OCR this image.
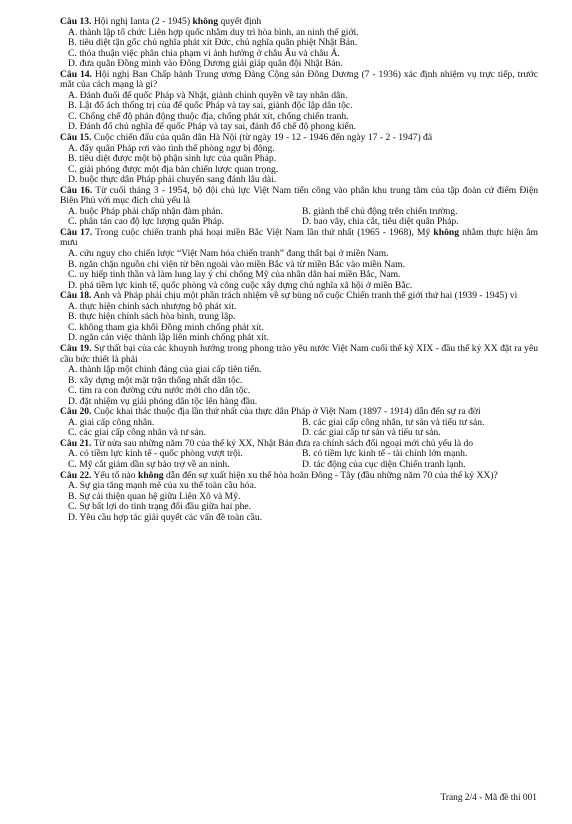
Câu 13. Hội nghị Ianta (2 - 1945) không quyết định
A. thành lập tổ chức Liên hợp quốc nhằm duy trì hòa bình, an ninh thế giới.
B. tiêu diệt tận gốc chủ nghĩa phát xít Đức, chủ nghĩa quân phiệt Nhật Bản.
C. thỏa thuận việc phân chia phạm vi ảnh hưởng ở châu Âu và châu Á.
D. đưa quân Đồng minh vào Đông Dương giải giáp quân đội Nhật Bản.
Câu 14. Hội nghị Ban Chấp hành Trung ương Đảng Cộng sản Đông Dương (7 - 1936) xác định nhiệm vụ trực tiếp, trước mắt của cách mạng là gì?
A. Đánh đuổi đế quốc Pháp và Nhật, giành chính quyền về tay nhân dân.
B. Lật đổ ách thống trị của đế quốc Pháp và tay sai, giành độc lập dân tộc.
C. Chống chế độ phản động thuộc địa, chống phát xít, chống chiến tranh.
D. Đánh đổ chủ nghĩa đế quốc Pháp và tay sai, đánh đổ chế độ phong kiến.
Câu 15. Cuộc chiến đấu của quân dân Hà Nội (từ ngày 19 - 12 - 1946 đến ngày 17 - 2 - 1947) đã
A. đẩy quân Pháp rơi vào tình thế phòng ngự bị động.
B. tiêu diệt được một bộ phận sinh lực của quân Pháp.
C. giải phóng được một địa bàn chiến lược quan trọng.
D. buộc thực dân Pháp phải chuyển sang đánh lâu dài.
Câu 16. Từ cuối tháng 3 - 1954, bộ đội chủ lực Việt Nam tiến công vào phân khu trung tâm của tập đoàn cứ điểm Điện Biên Phủ với mục đích chủ yếu là
A. buộc Pháp phải chấp nhận đàm phán.	B. giành thế chủ động trên chiến trường.
C. phân tán cao độ lực lượng quân Pháp.	D. bao vây, chia cắt, tiêu diệt quân Pháp.
Câu 17. Trong cuộc chiến tranh phá hoại miền Bắc Việt Nam lần thứ nhất (1965 - 1968), Mỹ không nhằm thực hiện âm mưu
A. cứu nguy cho chiến lược “Việt Nam hóa chiến tranh” đang thất bại ở miền Nam.
B. ngăn chặn nguồn chi viện từ bên ngoài vào miền Bắc và từ miền Bắc vào miền Nam.
C. uy hiếp tinh thần và làm lung lay ý chí chống Mỹ của nhân dân hai miền Bắc, Nam.
D. phá tiềm lực kinh tế, quốc phòng và công cuộc xây dựng chủ nghĩa xã hội ở miền Bắc.
Câu 18. Anh và Pháp phải chịu một phần trách nhiệm về sự bùng nổ cuộc Chiến tranh thế giới thứ hai (1939 - 1945) vì
A. thực hiện chính sách nhượng bộ phát xít.
B. thực hiện chính sách hòa bình, trung lập.
C. không tham gia khối Đồng minh chống phát xít.
D. ngăn cản việc thành lập liên minh chống phát xít.
Câu 19. Sự thất bại của các khuynh hướng trong phong trào yêu nước Việt Nam cuối thế kỷ XIX - đầu thế kỷ XX đặt ra yêu cầu bức thiết là phải
A. thành lập một chính đảng của giai cấp tiên tiến.
B. xây dựng một mặt trận thống nhất dân tộc.
C. tìm ra con đường cứu nước mới cho dân tộc.
D. đặt nhiệm vụ giải phóng dân tộc lên hàng đầu.
Câu 20. Cuộc khai thác thuộc địa lần thứ nhất của thực dân Pháp ở Việt Nam (1897 - 1914) dẫn đến sự ra đời
A. giai cấp công nhân.	B. các giai cấp công nhân, tư sản và tiểu tư sản.
C. các giai cấp công nhân và tư sản.	D. các giai cấp tư sản và tiểu tư sản.
Câu 21. Từ nửa sau những năm 70 của thế kỷ XX, Nhật Bản đưa ra chính sách đối ngoại mới chủ yếu là do
A. có tiềm lực kinh tế - quốc phòng vượt trội.	B. có tiềm lực kinh tế - tài chính lớn mạnh.
C. Mỹ cắt giảm dần sự bảo trợ về an ninh.	D. tác động của cục diện Chiến tranh lạnh.
Câu 22. Yếu tố nào không dẫn đến sự xuất hiện xu thế hòa hoãn Đông - Tây (đầu những năm 70 của thế kỷ XX)?
A. Sự gia tăng mạnh mẽ của xu thế toàn cầu hóa.
B. Sự cải thiện quan hệ giữa Liên Xô và Mỹ.
C. Sự bất lợi do tình trạng đối đầu giữa hai phe.
D. Yêu cầu hợp tác giải quyết các vấn đề toàn cầu.
Trang 2/4 - Mã đề thi 001
